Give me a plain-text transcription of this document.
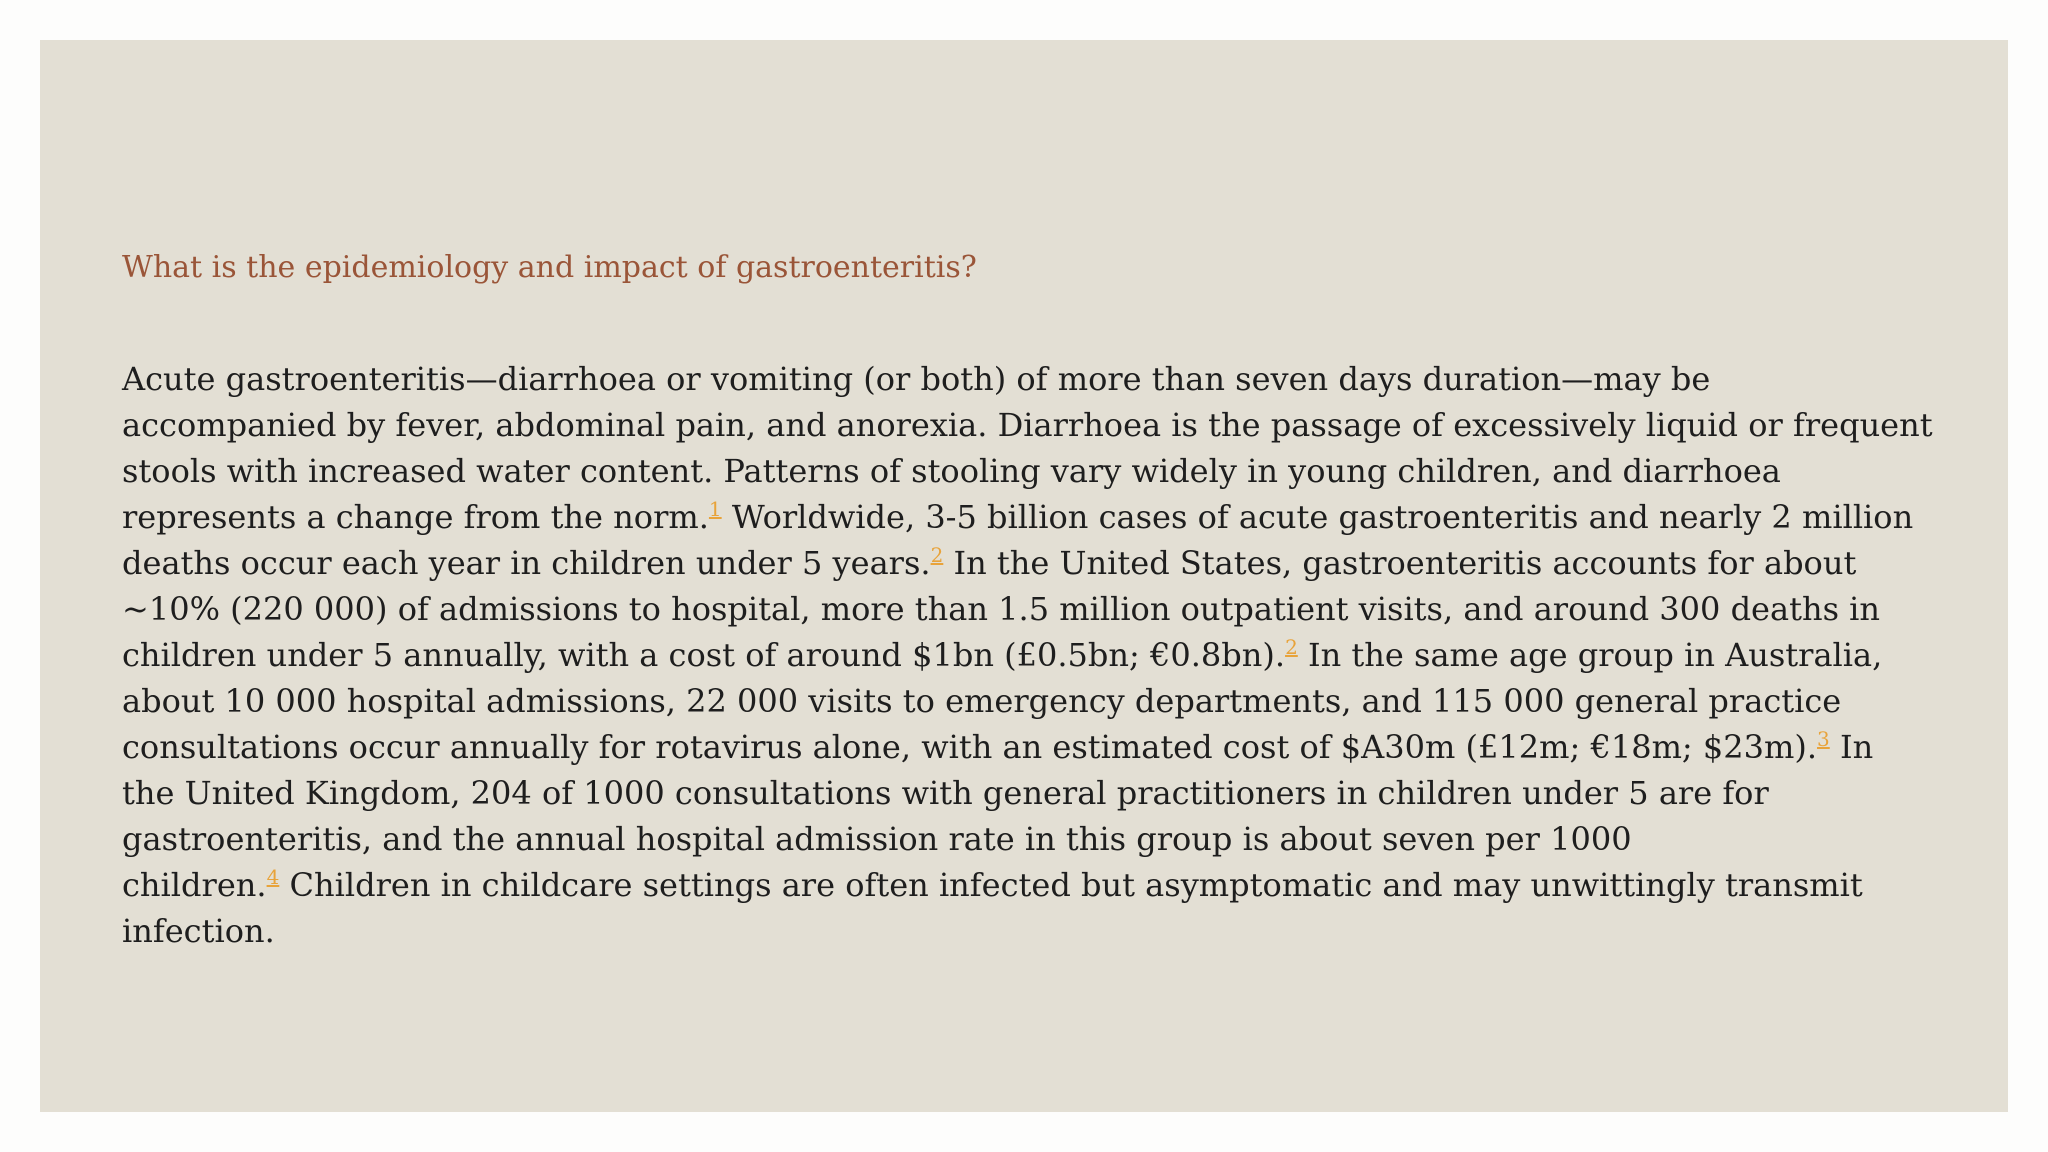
What is the epidemiology and impact of gastroenteritis?
Acute gastroenteritis—diarrhoea or vomiting (or both) of more than seven days duration—may be
accompanied by fever, abdominal pain, and anorexia. Diarrhoea is the passage of excessively liquid or frequent
stools with increased water content. Patterns of stooling vary widely in young children, and diarrhoea
represents a change from the norm.$^1$ Worldwide, 3-5 billion cases of acute gastroenteritis and nearly 2 million
deaths occur each year in children under 5 years.$^2$ In the United States, gastroenteritis accounts for about
~10% (220 000) of admissions to hospital, more than 1.5 million outpatient visits, and around 300 deaths in
children under 5 annually, with a cost of around $1bn (£0.5bn; €0.8bn).$^2$ In the same age group in Australia,
about 10 000 hospital admissions, 22 000 visits to emergency departments, and 115 000 general practice
consultations occur annually for rotavirus alone, with an estimated cost of $A30m (£12m; €18m; $23m).$^3$ In
the United Kingdom, 204 of 1000 consultations with general practitioners in children under 5 are for
gastroenteritis, and the annual hospital admission rate in this group is about seven per 1000
children.$^4$ Children in childcare settings are often infected but asymptomatic and may unwittingly transmit
infection.
